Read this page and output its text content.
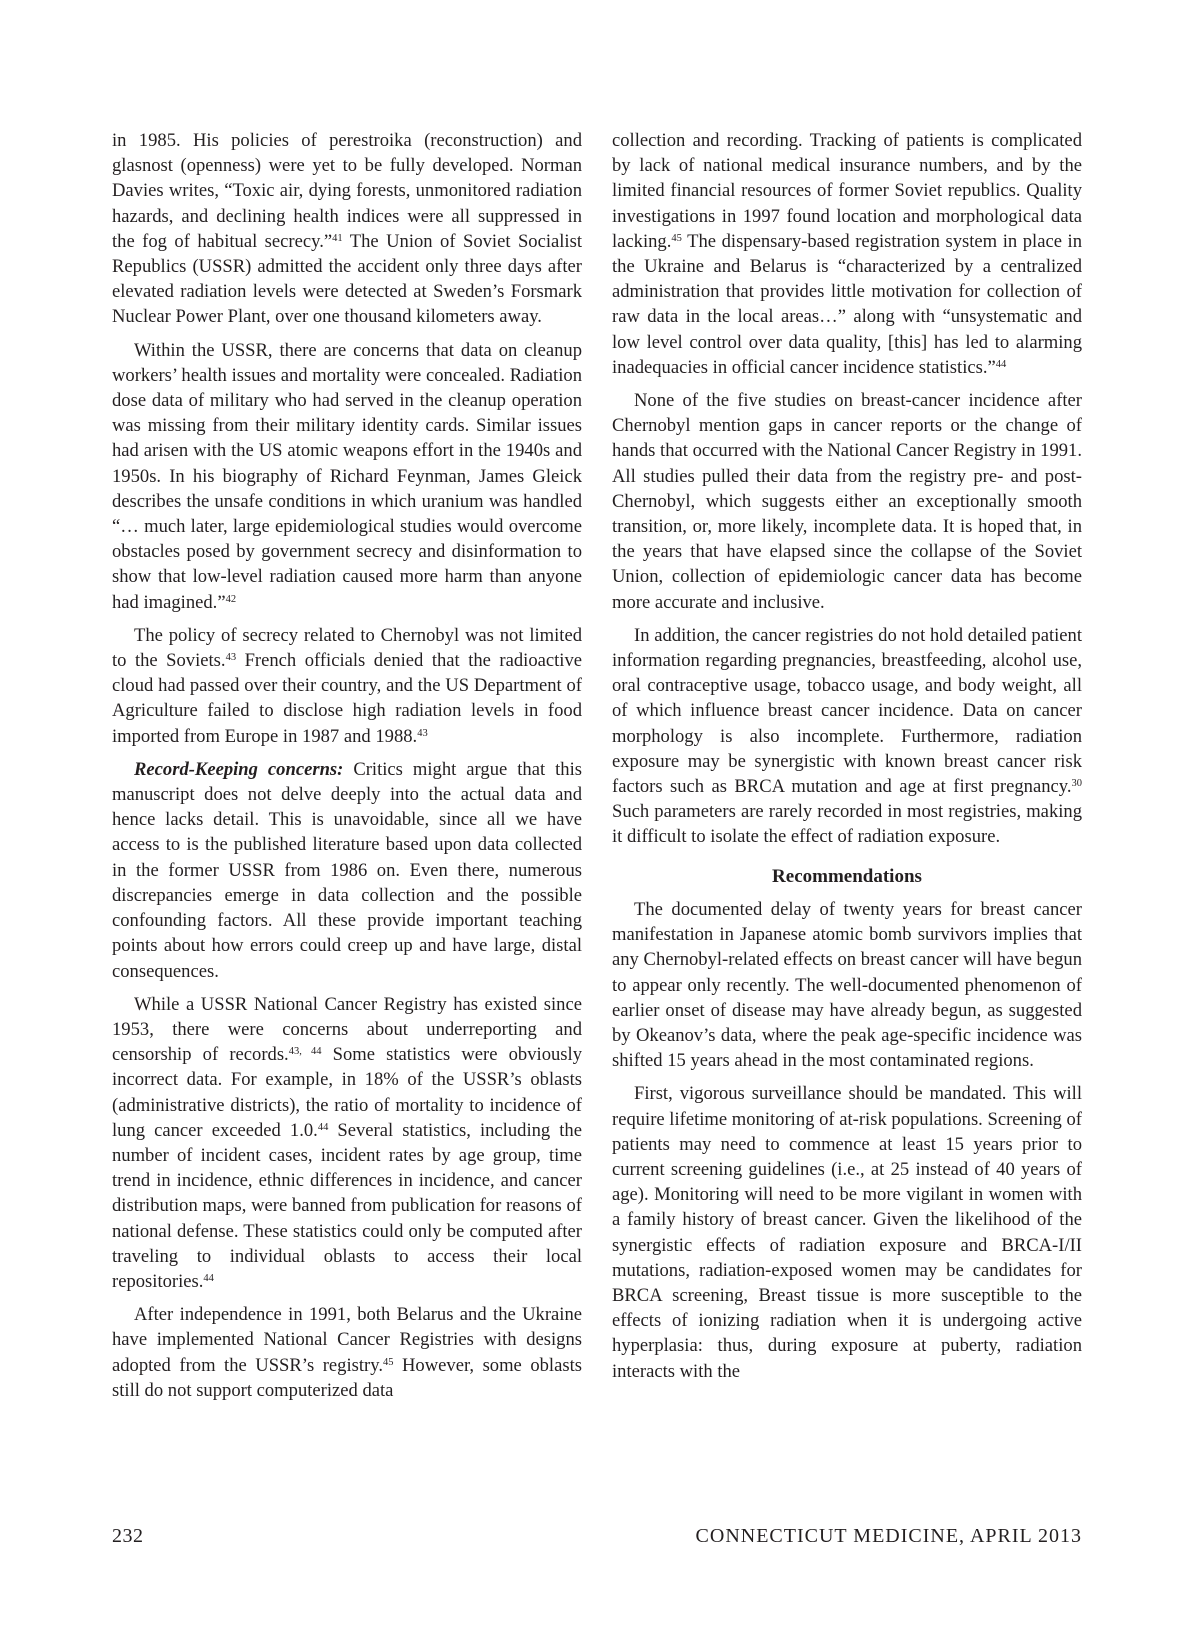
in 1985. His policies of perestroika (reconstruction) and glasnost (openness) were yet to be fully developed. Norman Davies writes, “Toxic air, dying forests, unmonitored radiation hazards, and declining health indices were all suppressed in the fog of habitual secrecy.”$^{41}$ The Union of Soviet Socialist Republics (USSR) admitted the accident only three days after elevated radiation levels were detected at Sweden’s Forsmark Nuclear Power Plant, over one thousand kilometers away.

Within the USSR, there are concerns that data on cleanup workers’ health issues and mortality were concealed. Radiation dose data of military who had served in the cleanup operation was missing from their military identity cards. Similar issues had arisen with the US atomic weapons effort in the 1940s and 1950s. In his biography of Richard Feynman, James Gleick describes the unsafe conditions in which uranium was handled “… much later, large epidemiological studies would overcome obstacles posed by government secrecy and disinformation to show that low-level radiation caused more harm than anyone had imagined.”$^{42}$

The policy of secrecy related to Chernobyl was not limited to the Soviets.$^{43}$ French officials denied that the radioactive cloud had passed over their country, and the US Department of Agriculture failed to disclose high radiation levels in food imported from Europe in 1987 and 1988.43

Record-Keeping concerns: Critics might argue that this manuscript does not delve deeply into the actual data and hence lacks detail. This is unavoidable, since all we have access to is the published literature based upon data collected in the former USSR from 1986 on. Even there, numerous discrepancies emerge in data collection and the possible confounding factors. All these provide important teaching points about how errors could creep up and have large, distal consequences.

While a USSR National Cancer Registry has existed since 1953, there were concerns about underreporting and censorship of records.$^{43, 44}$ Some statistics were obviously incorrect data. For example, in 18% of the USSR’s oblasts (administrative districts), the ratio of mortality to incidence of lung cancer exceeded 1.0.44 Several statistics, including the number of incident cases, incident rates by age group, time trend in incidence, ethnic differences in incidence, and cancer distribution maps, were banned from publication for reasons of national defense. These statistics could only be computed after traveling to individual oblasts to access their local repositories.$^{44}$

After independence in 1991, both Belarus and the Ukraine have implemented National Cancer Registries with designs adopted from the USSR’s registry.$^{45}$ However, some oblasts still do not support computerized data

collection and recording. Tracking of patients is complicated by lack of national medical insurance numbers, and by the limited financial resources of former Soviet republics. Quality investigations in 1997 found location and morphological data lacking.$^{45}$ The dispensary-based registration system in place in the Ukraine and Belarus is “characterized by a centralized administration that provides little motivation for collection of raw data in the local areas…” along with “unsystematic and low level control over data quality, [this] has led to alarming inadequacies in official cancer incidence statistics.”$^{44}$

None of the five studies on breast-cancer incidence after Chernobyl mention gaps in cancer reports or the change of hands that occurred with the National Cancer Registry in 1991. All studies pulled their data from the registry pre- and post-Chernobyl, which suggests either an exceptionally smooth transition, or, more likely, incomplete data. It is hoped that, in the years that have elapsed since the collapse of the Soviet Union, collection of epidemiologic cancer data has become more accurate and inclusive.

In addition, the cancer registries do not hold detailed patient information regarding pregnancies, breastfeeding, alcohol use, oral contraceptive usage, tobacco usage, and body weight, all of which influence breast cancer incidence. Data on cancer morphology is also incomplete. Furthermore, radiation exposure may be synergistic with known breast cancer risk factors such as BRCA mutation and age at first pregnancy.$^{30}$ Such parameters are rarely recorded in most registries, making it difficult to isolate the effect of radiation exposure.

Recommendations

The documented delay of twenty years for breast cancer manifestation in Japanese atomic bomb survivors implies that any Chernobyl-related effects on breast cancer will have begun to appear only recently. The well-documented phenomenon of earlier onset of disease may have already begun, as suggested by Okeanov’s data, where the peak age-specific incidence was shifted 15 years ahead in the most contaminated regions.

First, vigorous surveillance should be mandated. This will require lifetime monitoring of at-risk populations. Screening of patients may need to commence at least 15 years prior to current screening guidelines (i.e., at 25 instead of 40 years of age). Monitoring will need to be more vigilant in women with a family history of breast cancer. Given the likelihood of the synergistic effects of radiation exposure and BRCA-I/II mutations, radiation-exposed women may be candidates for BRCA screening, Breast tissue is more susceptible to the effects of ionizing radiation when it is undergoing active hyperplasia: thus, during exposure at puberty, radiation interacts with the

232	CONNECTICUT MEDICINE, APRIL 2013
